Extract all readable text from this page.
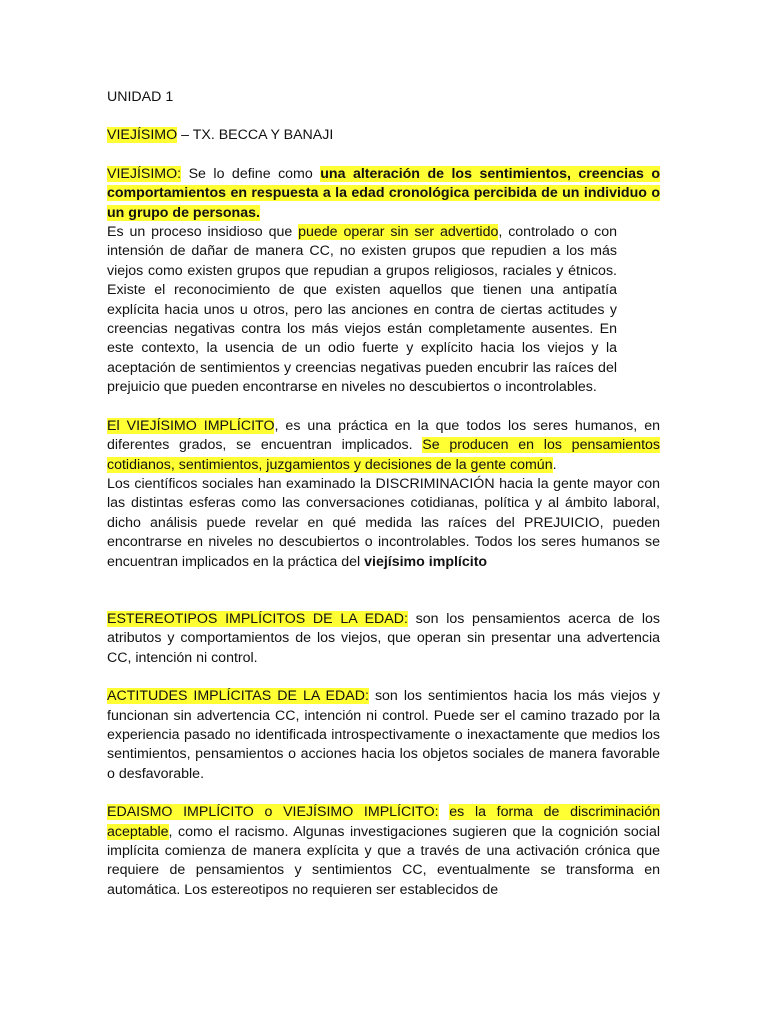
UNIDAD 1

VIEJÍSIMO – TX. BECCA Y BANAJI

VIEJÍSIMO: Se lo define como una alteración de los sentimientos, creencias o comportamientos en respuesta a la edad cronológica percibida de un individuo o un grupo de personas.

Es un proceso insidioso que puede operar sin ser advertido, controlado o con intensión de dañar de manera CC, no existen grupos que repudien a los más viejos como existen grupos que repudian a grupos religiosos, raciales y étnicos. Existe el reconocimiento de que existen aquellos que tienen una antipatía explícita hacia unos u otros, pero las anciones en contra de ciertas actitudes y creencias negativas contra los más viejos están completamente ausentes. En este contexto, la usencia de un odio fuerte y explícito hacia los viejos y la aceptación de sentimientos y creencias negativas pueden encubrir las raíces del prejuicio que pueden encontrarse en niveles no descubiertos o incontrolables.

El VIEJÍSIMO IMPLÍCITO, es una práctica en la que todos los seres humanos, en diferentes grados, se encuentran implicados. Se producen en los pensamientos cotidianos, sentimientos, juzgamientos y decisiones de la gente común.

Los científicos sociales han examinado la DISCRIMINACIÓN hacia la gente mayor con las distintas esferas como las conversaciones cotidianas, política y al ámbito laboral, dicho análisis puede revelar en qué medida las raíces del PREJUICIO, pueden encontrarse en niveles no descubiertos o incontrolables. Todos los seres humanos se encuentran implicados en la práctica del viejísimo implícito

ESTEREOTIPOS IMPLÍCITOS DE LA EDAD: son los pensamientos acerca de los atributos y comportamientos de los viejos, que operan sin presentar una advertencia CC, intención ni control.

ACTITUDES IMPLÍCITAS DE LA EDAD: son los sentimientos hacia los más viejos y funcionan sin advertencia CC, intención ni control. Puede ser el camino trazado por la experiencia pasado no identificada introspectivamente o inexactamente que medios los sentimientos, pensamientos o acciones hacia los objetos sociales de manera favorable o desfavorable.

EDAISMO IMPLÍCITO o VIEJÍSIMO IMPLÍCITO: es la forma de discriminación aceptable, como el racismo. Algunas investigaciones sugieren que la cognición social implícita comienza de manera explícita y que a través de una activación crónica que requiere de pensamientos y sentimientos CC, eventualmente se transforma en automática. Los estereotipos no requieren ser establecidos de
